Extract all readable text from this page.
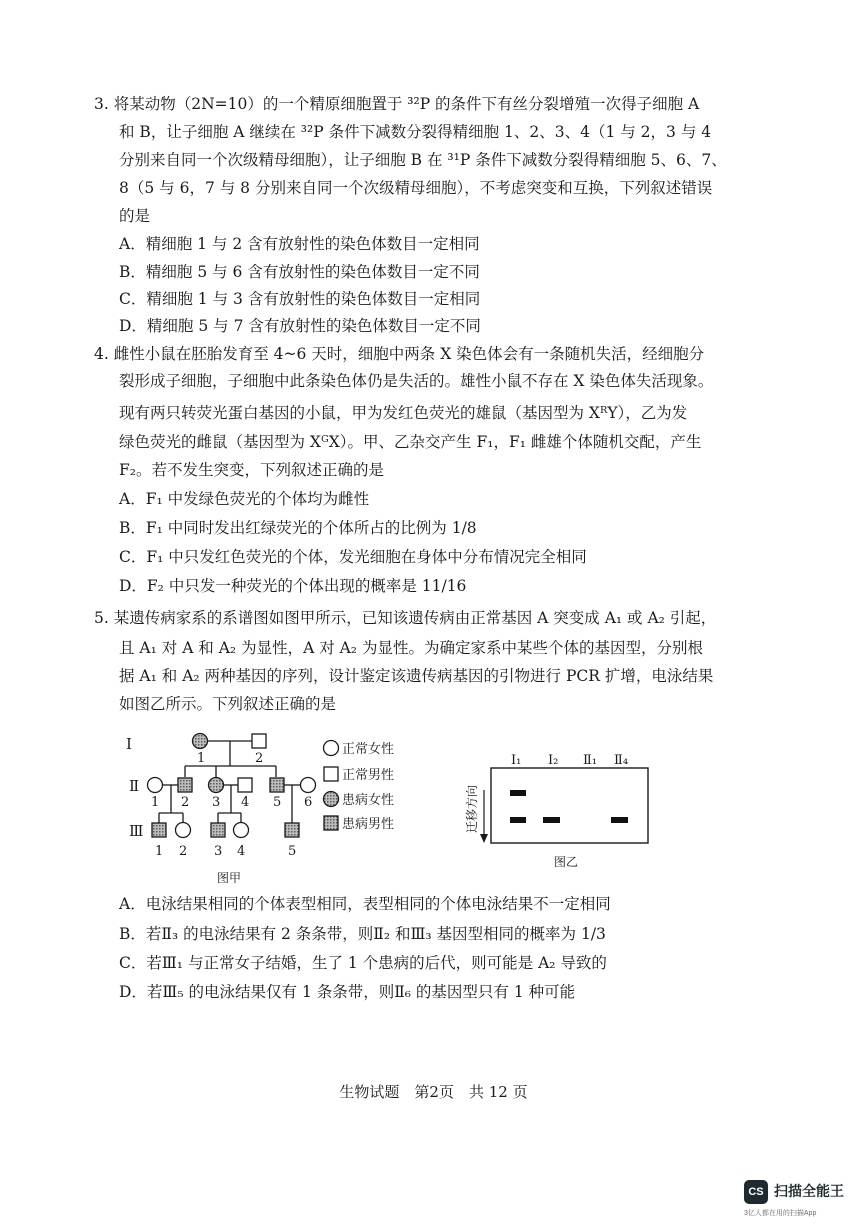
3. 将某动物（2N=10）的一个精原细胞置于 ³²P 的条件下有丝分裂增殖一次得子细胞 A
和 B，让子细胞 A 继续在 ³²P 条件下减数分裂得精细胞 1、2、3、4（1 与 2，3 与 4
分别来自同一个次级精母细胞），让子细胞 B 在 ³¹P 条件下减数分裂得精细胞 5、6、7、
8（5 与 6，7 与 8 分别来自同一个次级精母细胞），不考虑突变和互换，下列叙述错误
的是
A．精细胞 1 与 2 含有放射性的染色体数目一定相同
B．精细胞 5 与 6 含有放射性的染色体数目一定不同
C．精细胞 1 与 3 含有放射性的染色体数目一定相同
D．精细胞 5 与 7 含有放射性的染色体数目一定不同
4. 雌性小鼠在胚胎发育至 4~6 天时，细胞中两条 X 染色体会有一条随机失活，经细胞分
裂形成子细胞，子细胞中此条染色体仍是失活的。雄性小鼠不存在 X 染色体失活现象。
现有两只转荧光蛋白基因的小鼠，甲为发红色荧光的雄鼠（基因型为 XᴿY），乙为发
绿色荧光的雌鼠（基因型为 XᴳX）。甲、乙杂交产生 F₁，F₁ 雌雄个体随机交配，产生
F₂。若不发生突变，下列叙述正确的是
A．F₁ 中发绿色荧光的个体均为雌性
B．F₁ 中同时发出红绿荧光的个体所占的比例为 1/8
C．F₁ 中只发红色荧光的个体，发光细胞在身体中分布情况完全相同
D．F₂ 中只发一种荧光的个体出现的概率是 11/16
5. 某遗传病家系的系谱图如图甲所示，已知该遗传病由正常基因 A 突变成 A₁ 或 A₂ 引起，
且 A₁ 对 A 和 A₂ 为显性，A 对 A₂ 为显性。为确定家系中某些个体的基因型，分别根
据 A₁ 和 A₂ 两种基因的序列，设计鉴定该遗传病基因的引物进行 PCR 扩增，电泳结果
如图乙所示。下列叙述正确的是
Ⅰ
Ⅱ
Ⅲ
1	2
1 2 3 4 5 6
1 2 3 4	5
正常女性
正常男性
患病女性
患病男性
图甲
Ⅰ₁ Ⅰ₂ Ⅱ₁ Ⅱ₄
迁移方向
图乙
A．电泳结果相同的个体表型相同，表型相同的个体电泳结果不一定相同
B．若Ⅱ₃ 的电泳结果有 2 条条带，则Ⅱ₂ 和Ⅲ₃ 基因型相同的概率为 1/3
C．若Ⅲ₁ 与正常女子结婚，生了 1 个患病的后代，则可能是 A₂ 导致的
D．若Ⅲ₅ 的电泳结果仅有 1 条条带，则Ⅱ₆ 的基因型只有 1 种可能
生物试题　第2页　共 12 页
CS 扫描全能王
3亿人都在用的扫描App
